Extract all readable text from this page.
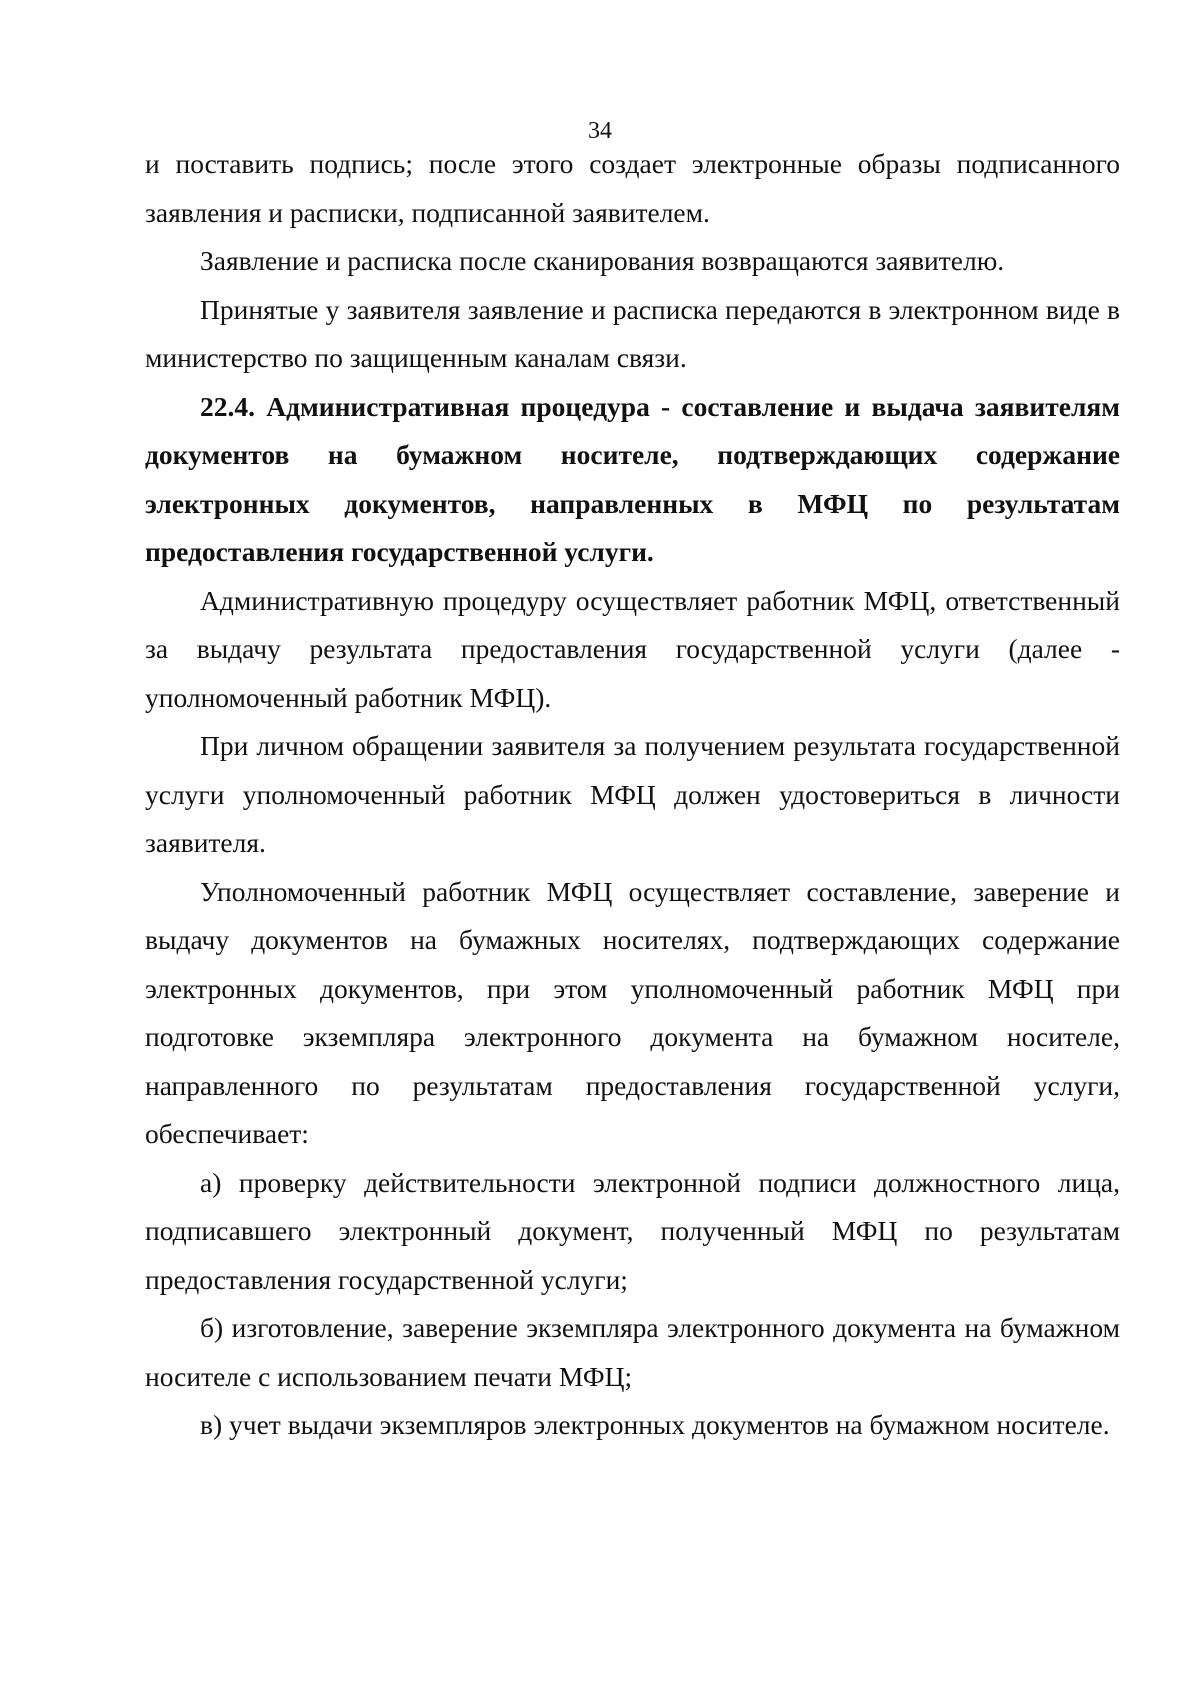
34

и поставить подпись; после этого создает электронные образы подписанного заявления и расписки, подписанной заявителем.

Заявление и расписка после сканирования возвращаются заявителю.

Принятые у заявителя заявление и расписка передаются в электронном виде в министерство по защищенным каналам связи.

22.4. Административная процедура - составление и выдача заявителям документов на бумажном носителе, подтверждающих содержание электронных документов, направленных в МФЦ по результатам предоставления государственной услуги.

Административную процедуру осуществляет работник МФЦ, ответственный за выдачу результата предоставления государственной услуги (далее - уполномоченный работник МФЦ).

При личном обращении заявителя за получением результата государственной услуги уполномоченный работник МФЦ должен удостовериться в личности заявителя.

Уполномоченный работник МФЦ осуществляет составление, заверение и выдачу документов на бумажных носителях, подтверждающих содержание электронных документов, при этом уполномоченный работник МФЦ при подготовке экземпляра электронного документа на бумажном носителе, направленного по результатам предоставления государственной услуги, обеспечивает:

а) проверку действительности электронной подписи должностного лица, подписавшего электронный документ, полученный МФЦ по результатам предоставления государственной услуги;

б) изготовление, заверение экземпляра электронного документа на бумажном носителе с использованием печати МФЦ;

в) учет выдачи экземпляров электронных документов на бумажном носителе.
